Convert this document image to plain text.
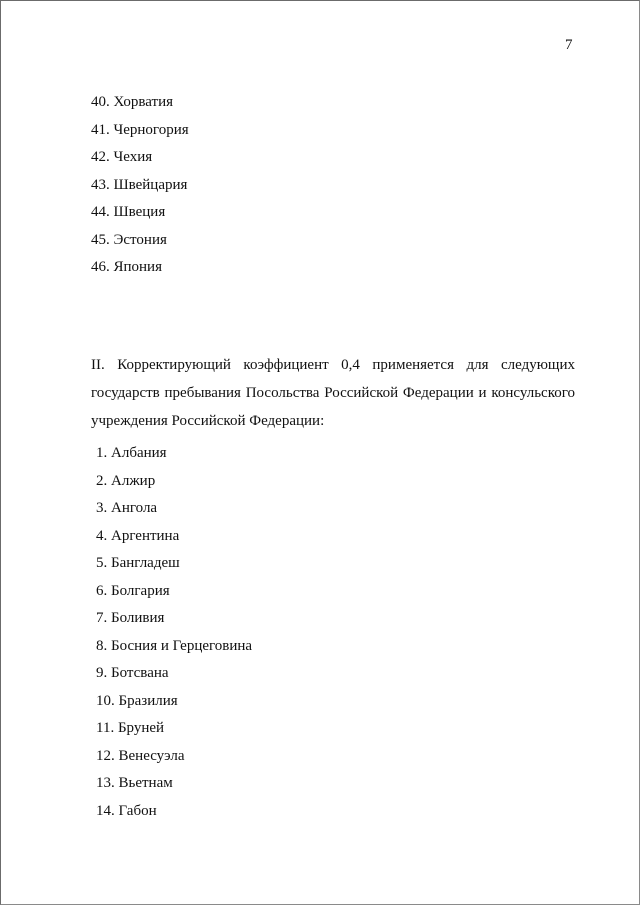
7
40. Хорватия
41. Черногория
42. Чехия
43. Швейцария
44. Швеция
45. Эстония
46. Япония

II. Корректирующий коэффициент 0,4 применяется для следующих государств пребывания Посольства Российской Федерации и консульского учреждения Российской Федерации:

1. Албания
2. Алжир
3. Ангола
4. Аргентина
5. Бангладеш
6. Болгария
7. Боливия
8. Босния и Герцеговина
9. Ботсвана
10. Бразилия
11. Бруней
12. Венесуэла
13. Вьетнам
14. Габон
